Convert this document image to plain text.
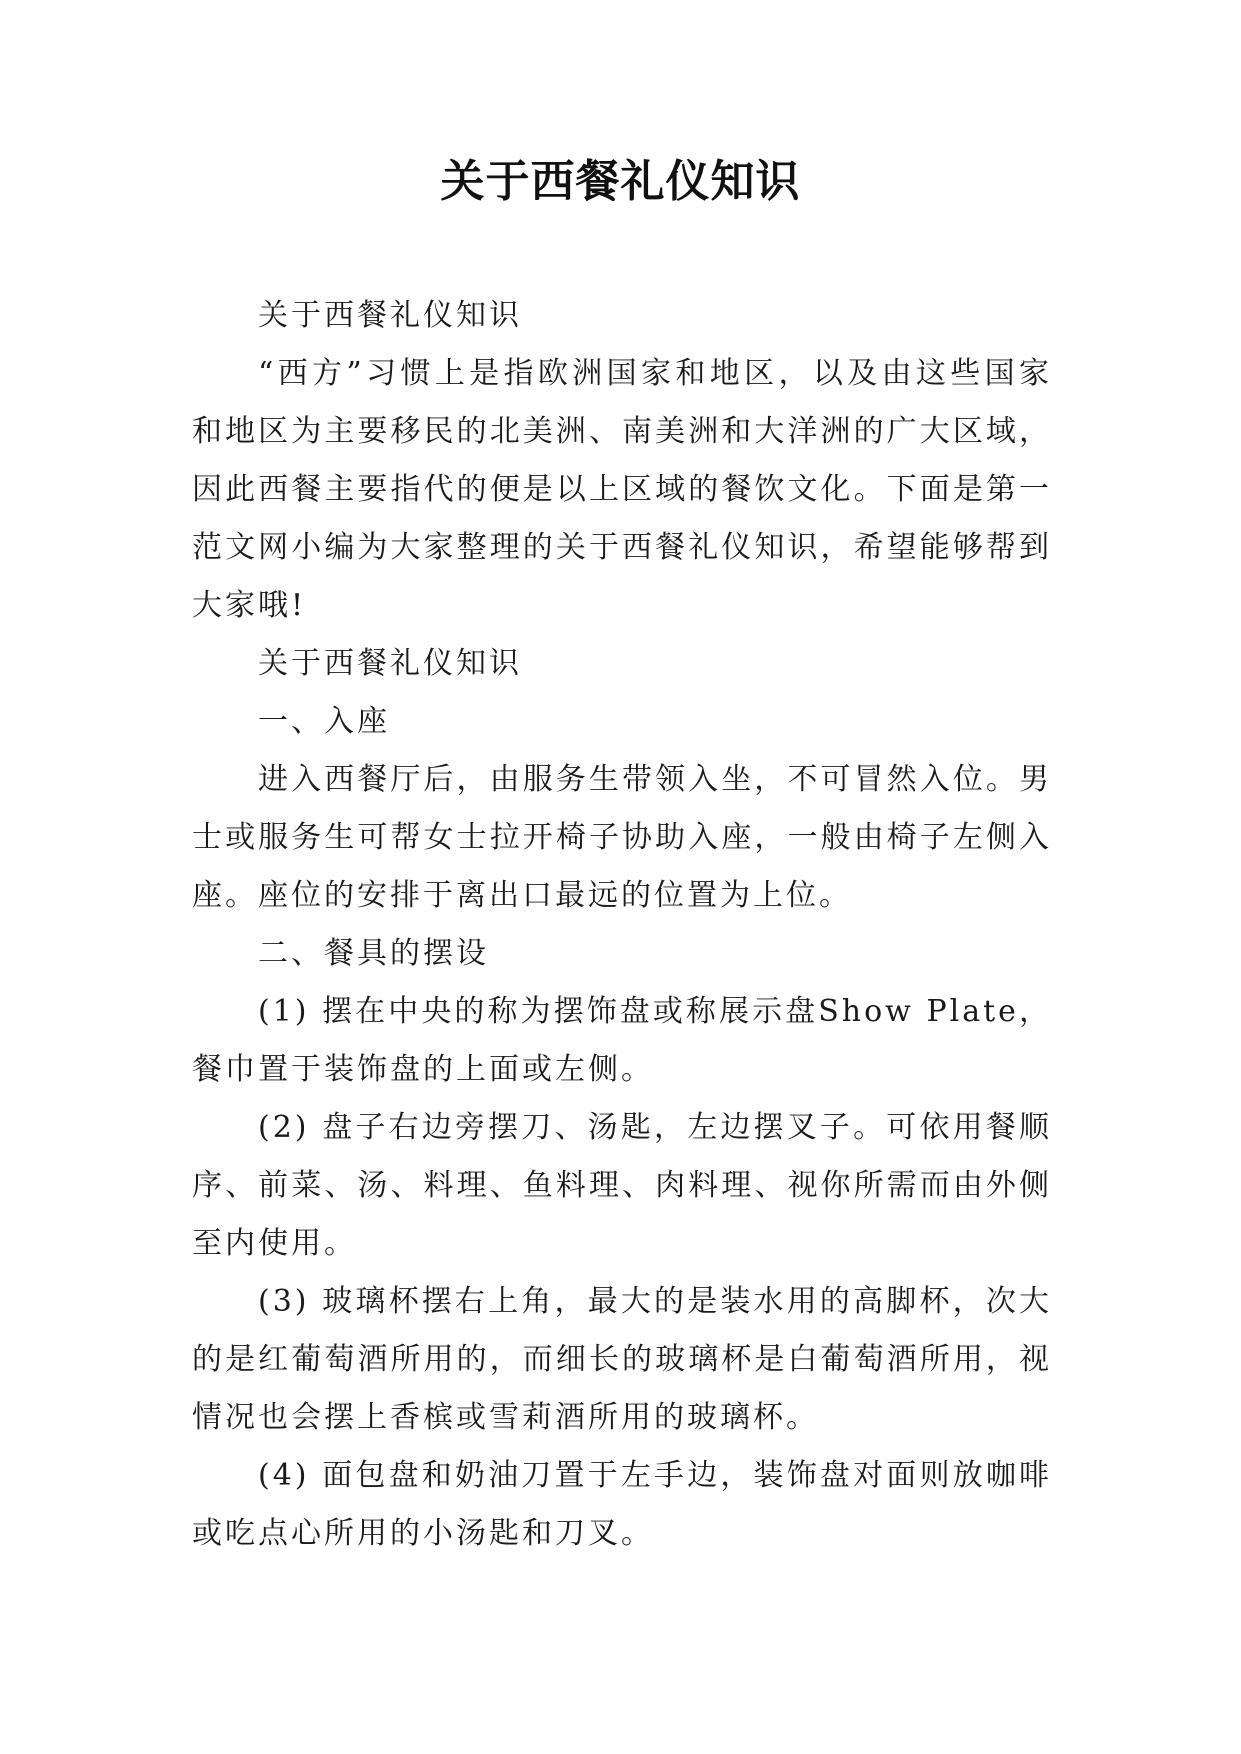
关于西餐礼仪知识

关于西餐礼仪知识

“西方”习惯上是指欧洲国家和地区，以及由这些国家和地区为主要移民的北美洲、南美洲和大洋洲的广大区域，因此西餐主要指代的便是以上区域的餐饮文化。下面是第一范文网小编为大家整理的关于西餐礼仪知识，希望能够帮到大家哦!

关于西餐礼仪知识

一、入座

进入西餐厅后，由服务生带领入坐，不可冒然入位。男士或服务生可帮女士拉开椅子协助入座，一般由椅子左侧入座。座位的安排于离出口最远的位置为上位。

二、餐具的摆设

(1) 摆在中央的称为摆饰盘或称展示盘Show Plate，餐巾置于装饰盘的上面或左侧。

(2) 盘子右边旁摆刀、汤匙，左边摆叉子。可依用餐顺序、前菜、汤、料理、鱼料理、肉料理、视你所需而由外侧至内使用。

(3) 玻璃杯摆右上角，最大的是装水用的高脚杯，次大的是红葡萄酒所用的，而细长的玻璃杯是白葡萄酒所用，视情况也会摆上香槟或雪莉酒所用的玻璃杯。

(4) 面包盘和奶油刀置于左手边，装饰盘对面则放咖啡或吃点心所用的小汤匙和刀叉。
